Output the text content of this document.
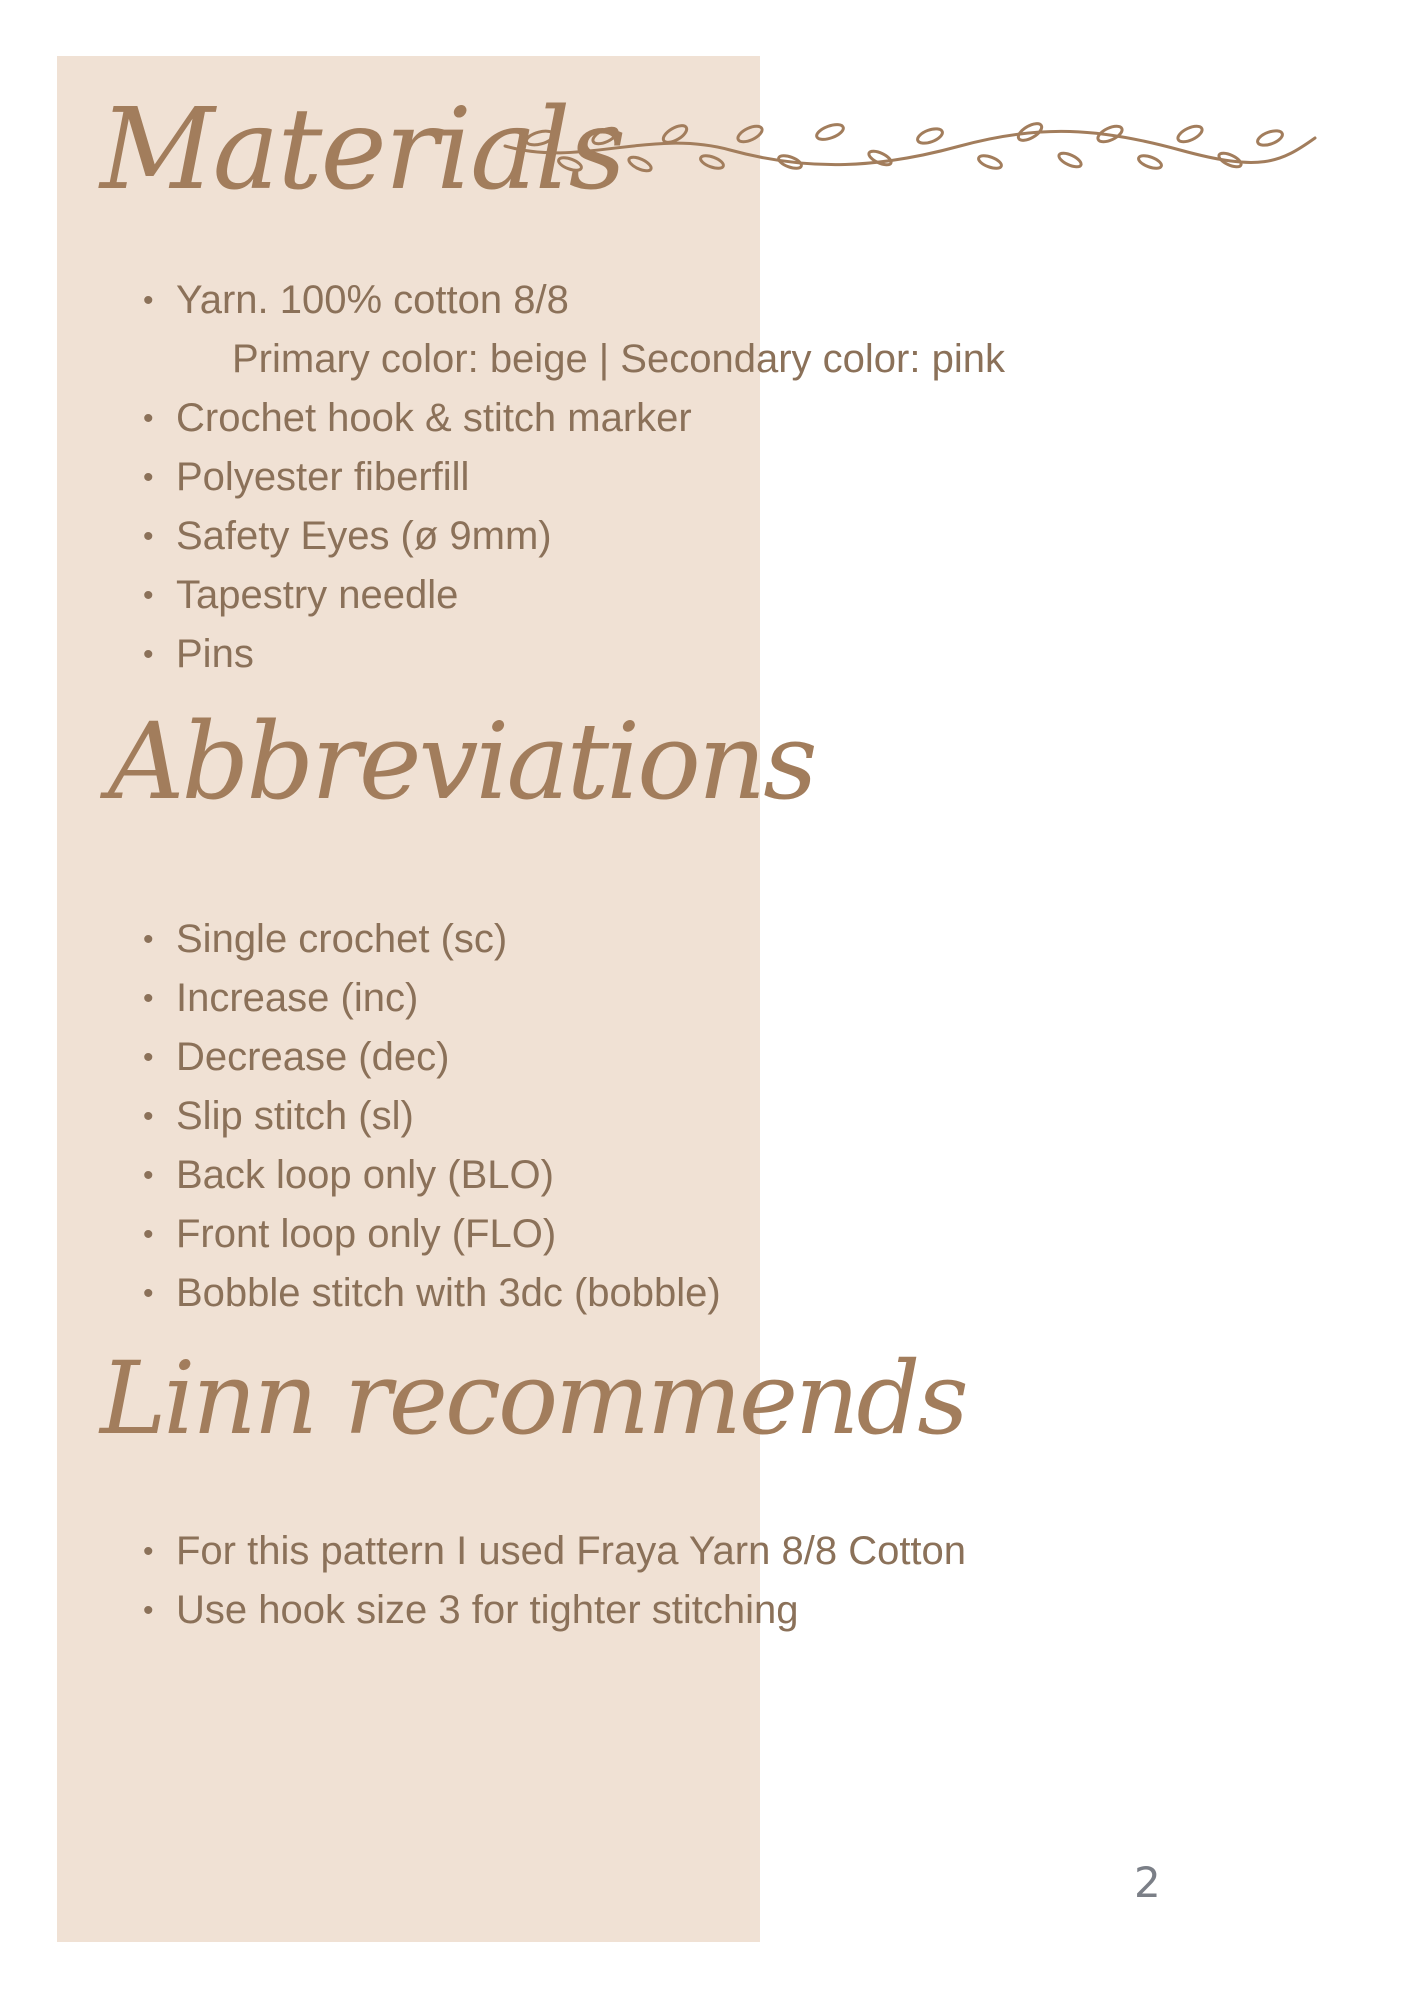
Materials
• Yarn. 100% cotton 8/8
Primary color: beige | Secondary color: pink
• Crochet hook & stitch marker
• Polyester fiberfill
• Safety Eyes (ø 9mm)
• Tapestry needle
• Pins
Abbreviations
• Single crochet (sc)
• Increase (inc)
• Decrease (dec)
• Slip stitch (sl)
• Back loop only (BLO)
• Front loop only (FLO)
• Bobble stitch with 3dc (bobble)
Linn recommends
• For this pattern I used Fraya Yarn 8/8 Cotton
• Use hook size 3 for tighter stitching
2
